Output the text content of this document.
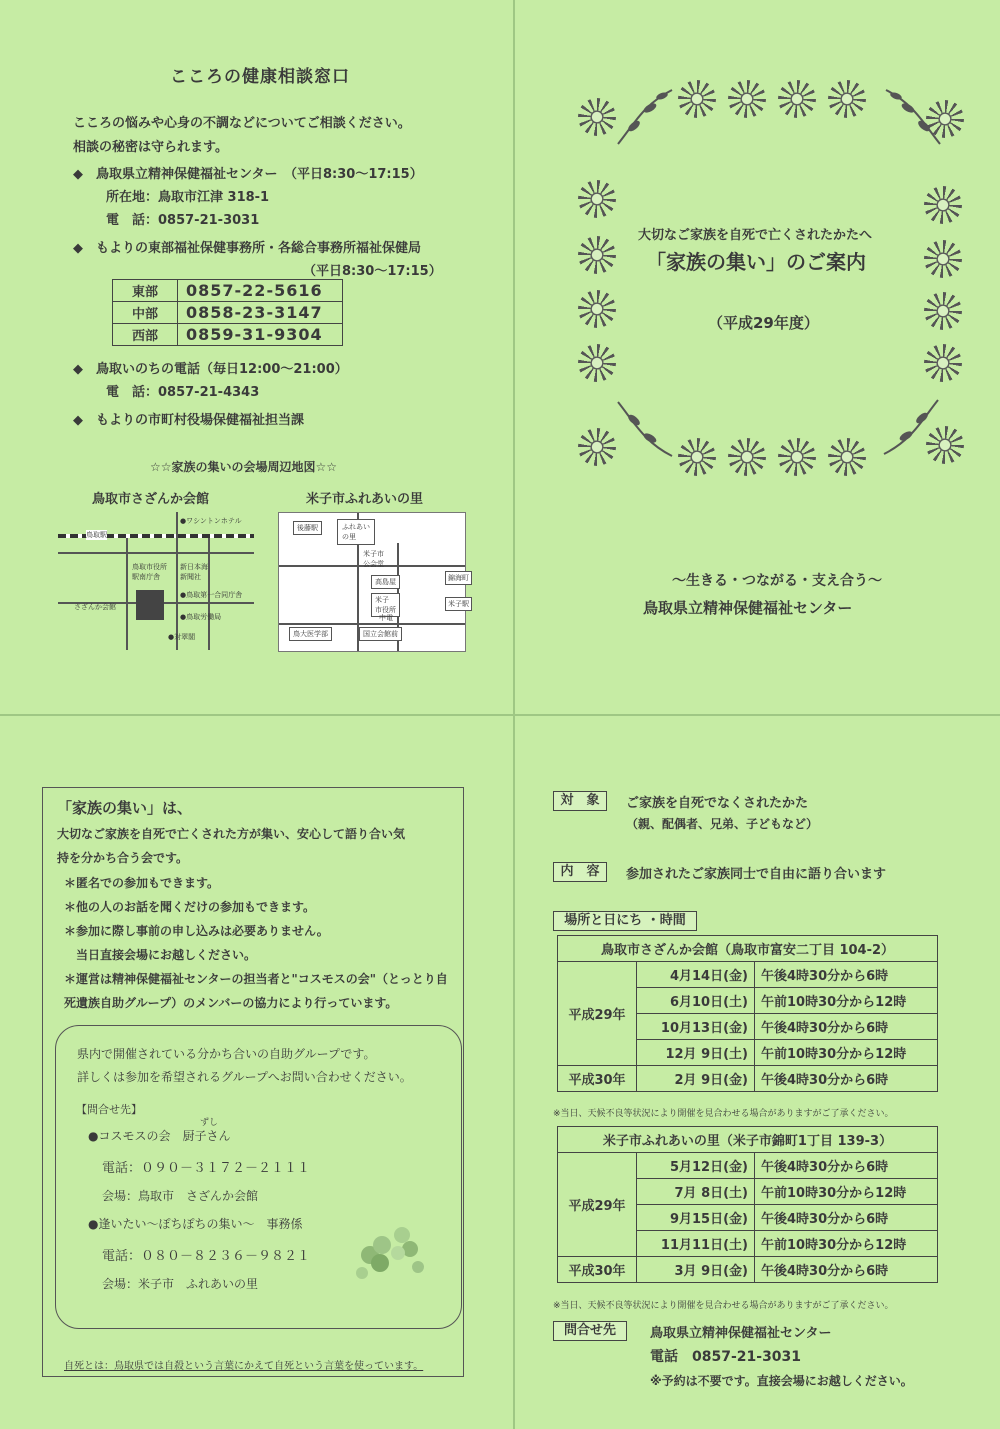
こころの健康相談窓口
こころの悩みや心身の不調などについてご相談ください。
相談の秘密は守られます。
◆　鳥取県立精神保健福祉センター　（平日8:30～17:15）
所在地：鳥取市江津 318-1
電　話：0857-21-3031
◆　もよりの東部福祉保健事務所・各総合事務所福祉保健局
（平日8:30～17:15）
東部	0857-22-5616
中部	0858-23-3147
西部	0859-31-9304
◆　鳥取いのちの電話（毎日12:00～21:00）
電　話：0857-21-4343
◆　もよりの市町村役場保健福祉担当課
☆☆家族の集いの会場周辺地図☆☆
鳥取市さざんか会館	米子市ふれあいの里
●ワシントンホテル
鳥取駅
鳥取市役所
駅南庁舎
新日本海
新聞社
●鳥取第一合同庁舎
さざんか会館
●鳥取労働局
●対翠閣
後藤駅	ふれあい
の里
米子市
公会堂
高島屋
米子
市役所
中電
鳥大医学部	国立会館前
米子駅
錦海町
大切なご家族を自死で亡くされたかたへ
「家族の集い」のご案内
（平成29年度）
～生きる・つながる・支え合う～
鳥取県立精神保健福祉センター
「家族の集い」は、
大切なご家族を自死で亡くされた方が集い、安心して語り合い気
持を分かち合う会です。
＊匿名での参加もできます。
＊他の人のお話を聞くだけの参加もできます。
＊参加に際し事前の申し込みは必要ありません。
当日直接会場にお越しください。
＊運営は精神保健福祉センターの担当者と"コスモスの会"（とっとり自
死遺族自助グループ）のメンバーの協力により行っています。
県内で開催されている分かち合いの自助グループです。
詳しくは参加を希望されるグループへお問い合わせください。
【問合せ先】
ずし
●コスモスの会　厨子さん
電話：０９０－３１７２－２１１１
会場：鳥取市　さざんか会館
●逢いたい～ぽちぽちの集い～　事務係
電話：０８０－８２３６－９８２１
会場：米子市　ふれあいの里
自死とは：鳥取県では自殺という言葉にかえて自死という言葉を使っています。
対　象	ご家族を自死でなくされたかた
（親、配偶者、兄弟、子どもなど）
内　容	参加されたご家族同士で自由に語り合います
場所と日にち ・時間
鳥取市さざんか会館（鳥取市富安二丁目 104-2）		
平成29年	4月14日(金)	午後4時30分から6時
	6月10日(土)	午前10時30分から12時
	10月13日(金)	午後4時30分から6時
	12月 9日(土)	午前10時30分から12時
平成30年	2月 9日(金)	午後4時30分から6時
※当日、天候不良等状況により開催を見合わせる場合がありますがご了承ください。
米子市ふれあいの里（米子市錦町1丁目 139-3）		
平成29年	5月12日(金)	午後4時30分から6時
	7月 8日(土)	午前10時30分から12時
	9月15日(金)	午後4時30分から6時
	11月11日(土)	午前10時30分から12時
平成30年	3月 9日(金)	午後4時30分から6時
※当日、天候不良等状況により開催を見合わせる場合がありますがご了承ください。
問合せ先	鳥取県立精神保健福祉センター
電話　0857-21-3031
※予約は不要です。直接会場にお越しください。
